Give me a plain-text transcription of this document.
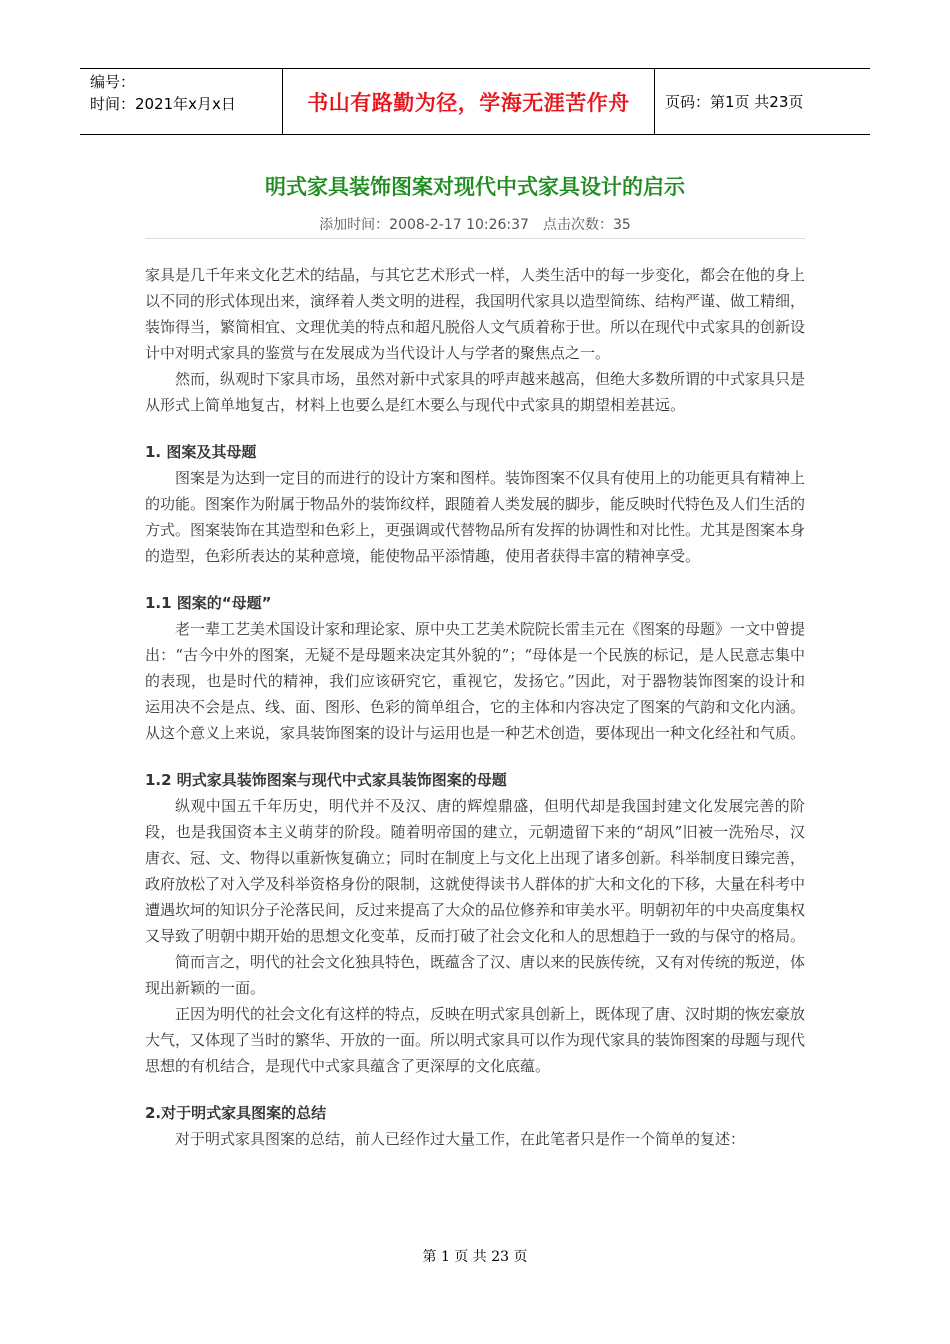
编号：
时间：2021年x月x日	书山有路勤为径，学海无涯苦作舟 页码：第1页 共23页
明式家具装饰图案对现代中式家具设计的启示
添加时间：2008-2-17 10:26:37 点击次数：35

家具是几千年来文化艺术的结晶，与其它艺术形式一样，人类生活中的每一步变化，都会在他的身上以不同的形式体现出来，演绎着人类文明的进程，我国明代家具以造型简练、结构严谨、做工精细，装饰得当，繁简相宜、文理优美的特点和超凡脱俗人文气质着称于世。所以在现代中式家具的创新设计中对明式家具的鉴赏与在发展成为当代设计人与学者的聚焦点之一。

然而，纵观时下家具市场，虽然对新中式家具的呼声越来越高，但绝大多数所谓的中式家具只是从形式上简单地复古，材料上也要么是红木要么与现代中式家具的期望相差甚远。

1. 图案及其母题

图案是为达到一定目的而进行的设计方案和图样。装饰图案不仅具有使用上的功能更具有精神上的功能。图案作为附属于物品外的装饰纹样，跟随着人类发展的脚步，能反映时代特色及人们生活的方式。图案装饰在其造型和色彩上，更强调或代替物品所有发挥的协调性和对比性。尤其是图案本身的造型，色彩所表达的某种意境，能使物品平添情趣，使用者获得丰富的精神享受。

1.1 图案的“母题”

老一辈工艺美术国设计家和理论家、原中央工艺美术院院长雷圭元在《图案的母题》一文中曾提出：“古今中外的图案，无疑不是母题来决定其外貌的”；“母体是一个民族的标记，是人民意志集中的表现，也是时代的精神，我们应该研究它，重视它，发扬它。”因此，对于器物装饰图案的设计和运用决不会是点、线、面、图形、色彩的简单组合，它的主体和内容决定了图案的气韵和文化内涵。从这个意义上来说，家具装饰图案的设计与运用也是一种艺术创造，要体现出一种文化经社和气质。

1.2 明式家具装饰图案与现代中式家具装饰图案的母题

纵观中国五千年历史，明代并不及汉、唐的辉煌鼎盛，但明代却是我国封建文化发展完善的阶段，也是我国资本主义萌芽的阶段。随着明帝国的建立，元朝遗留下来的“胡风”旧被一洗殆尽，汉唐衣、冠、文、物得以重新恢复确立；同时在制度上与文化上出现了诸多创新。科举制度日臻完善，政府放松了对入学及科举资格身份的限制，这就使得读书人群体的扩大和文化的下移，大量在科考中遭遇坎坷的知识分子沦落民间，反过来提高了大众的品位修养和审美水平。明朝初年的中央高度集权又导致了明朝中期开始的思想文化变革，反而打破了社会文化和人的思想趋于一致的与保守的格局。

简而言之，明代的社会文化独具特色，既蕴含了汉、唐以来的民族传统，又有对传统的叛逆，体现出新颖的一面。

正因为明代的社会文化有这样的特点，反映在明式家具创新上，既体现了唐、汉时期的恢宏豪放大气，又体现了当时的繁华、开放的一面。所以明式家具可以作为现代家具的装饰图案的母题与现代思想的有机结合，是现代中式家具蕴含了更深厚的文化底蕴。

2.对于明式家具图案的总结

对于明式家具图案的总结，前人已经作过大量工作，在此笔者只是作一个简单的复述：

第 1 页 共 23 页
